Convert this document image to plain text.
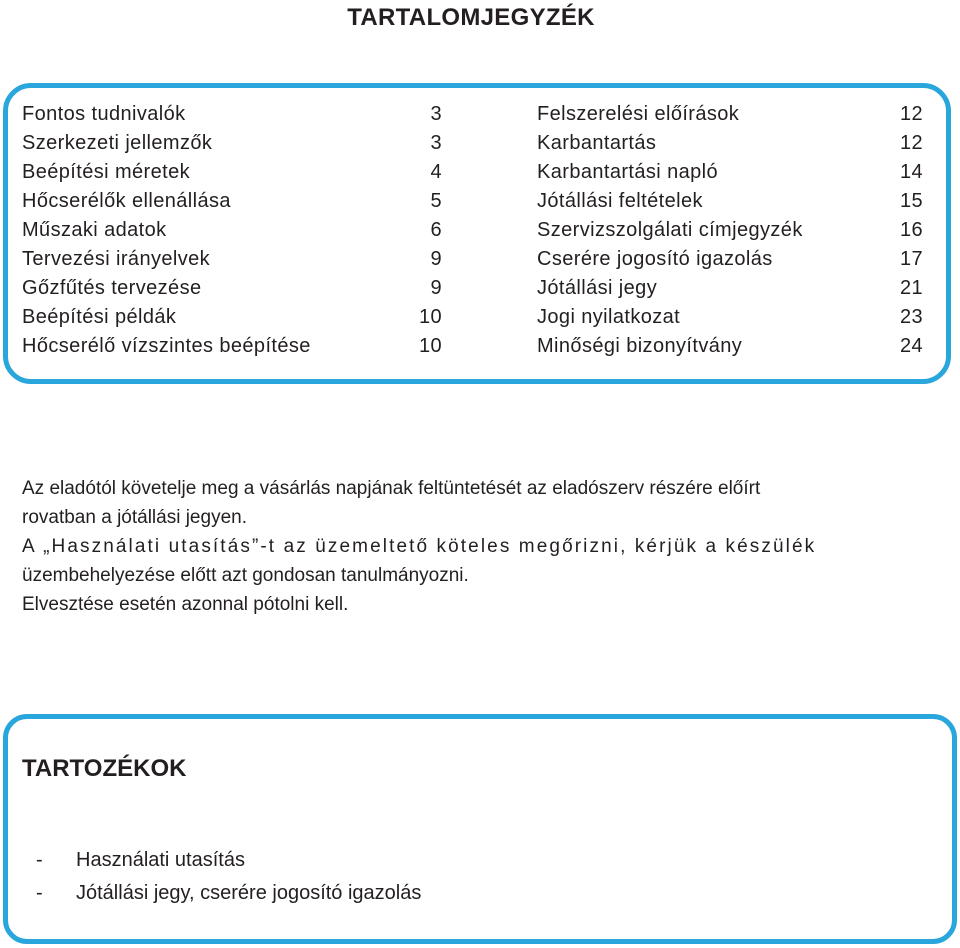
TARTALOMJEGYZÉK
Fontos tudnivalók	3
Szerkezeti jellemzők	3
Beépítési méretek	4
Hőcserélők ellenállása	5
Műszaki adatok	6
Tervezési irányelvek	9
Gőzfűtés tervezése	9
Beépítési példák	10
Hőcserélő vízszintes beépítése	10
Felszerelési előírások	12
Karbantartás	12
Karbantartási napló	14
Jótállási feltételek	15
Szervizszolgálati címjegyzék	16
Cserére jogosító igazolás	17
Jótállási jegy	21
Jogi nyilatkozat	23
Minőségi bizonyítvány	24

Az eladótól követelje meg a vásárlás napjának feltüntetését az eladószerv részére előírt

rovatban a jótállási jegyen.

A „Használati utasítás”-t az üzemeltető köteles megőrizni, kérjük a készülék

üzembehelyezése előtt azt gondosan tanulmányozni.

Elvesztése esetén azonnal pótolni kell.

TARTOZÉKOK
-	Használati utasítás
-	Jótállási jegy, cserére jogosító igazolás
